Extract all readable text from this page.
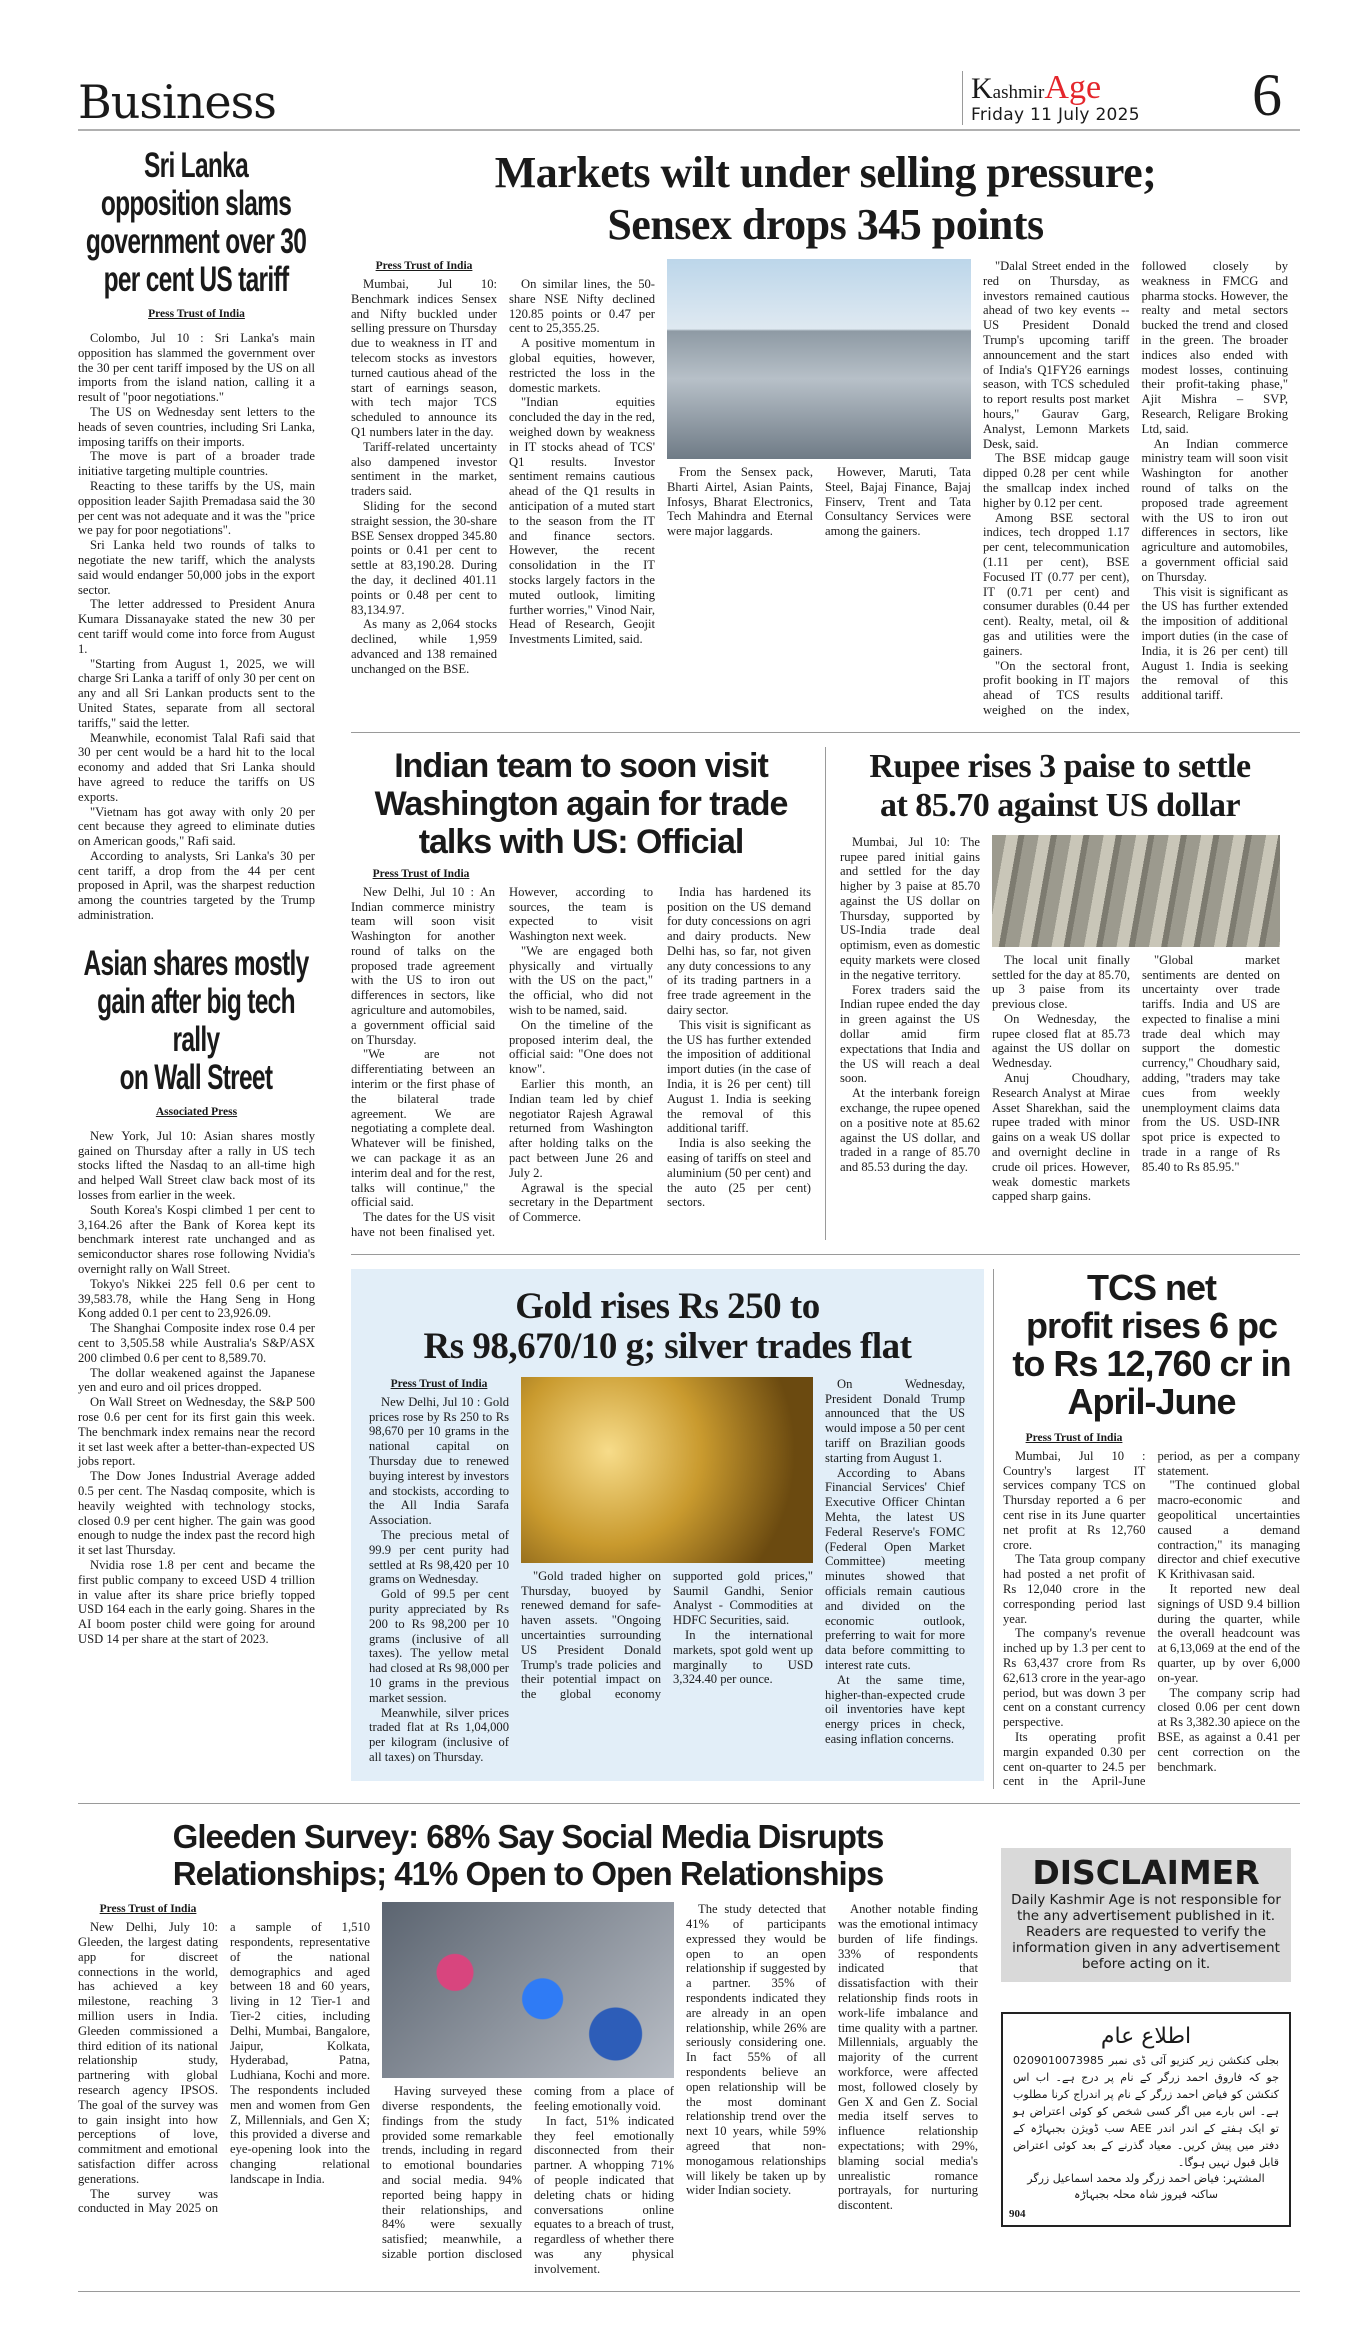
Business	KashmirAge
Friday 11 July 2025	6
Sri Lanka
opposition slams
government over 30
per cent US tariff
Press Trust of India

Colombo, Jul 10 : Sri Lanka's main opposition has slammed the government over the 30 per cent tariff imposed by the US on all imports from the island nation, calling it a result of "poor negotiations."

The US on Wednesday sent letters to the heads of seven countries, including Sri Lanka, imposing tariffs on their imports.

The move is part of a broader trade initiative targeting multiple countries.

Reacting to these tariffs by the US, main opposition leader Sajith Premadasa said the 30 per cent was not adequate and it was the "price we pay for poor negotiations".

Sri Lanka held two rounds of talks to negotiate the new tariff, which the analysts said would endanger 50,000 jobs in the export sector.

The letter addressed to President Anura Kumara Dissanayake stated the new 30 per cent tariff would come into force from August 1.

"Starting from August 1, 2025, we will charge Sri Lanka a tariff of only 30 per cent on any and all Sri Lankan products sent to the United States, separate from all sectoral tariffs," said the letter.

Meanwhile, economist Talal Rafi said that 30 per cent would be a hard hit to the local economy and added that Sri Lanka should have agreed to reduce the tariffs on US exports.

"Vietnam has got away with only 20 per cent because they agreed to eliminate duties on American goods," Rafi said.

According to analysts, Sri Lanka's 30 per cent tariff, a drop from the 44 per cent proposed in April, was the sharpest reduction among the countries targeted by the Trump administration.

Asian shares mostly
gain after big tech rally
on Wall Street
Associated Press

New York, Jul 10: Asian shares mostly gained on Thursday after a rally in US tech stocks lifted the Nasdaq to an all-time high and helped Wall Street claw back most of its losses from earlier in the week.

South Korea's Kospi climbed 1 per cent to 3,164.26 after the Bank of Korea kept its benchmark interest rate unchanged and as semiconductor shares rose following Nvidia's overnight rally on Wall Street.

Tokyo's Nikkei 225 fell 0.6 per cent to 39,583.78, while the Hang Seng in Hong Kong added 0.1 per cent to 23,926.09.

The Shanghai Composite index rose 0.4 per cent to 3,505.58 while Australia's S&P/ASX 200 climbed 0.6 per cent to 8,589.70.

The dollar weakened against the Japanese yen and euro and oil prices dropped.

On Wall Street on Wednesday, the S&P 500 rose 0.6 per cent for its first gain this week. The benchmark index remains near the record it set last week after a better-than-expected US jobs report.

The Dow Jones Industrial Average added 0.5 per cent. The Nasdaq composite, which is heavily weighted with technology stocks, closed 0.9 per cent higher. The gain was good enough to nudge the index past the record high it set last Thursday.

Nvidia rose 1.8 per cent and became the first public company to exceed USD 4 trillion in value after its share price briefly topped USD 164 each in the early going. Shares in the AI boom poster child were going for around USD 14 per share at the start of 2023.

Markets wilt under selling pressure;
Sensex drops 345 points
Press Trust of India

Mumbai, Jul 10: Benchmark indices Sensex and Nifty buckled under selling pressure on Thursday due to weakness in IT and telecom stocks as investors turned cautious ahead of the start of earnings season, with tech major TCS scheduled to announce its Q1 numbers later in the day.

Tariff-related uncertainty also dampened investor sentiment in the market, traders said.

Sliding for the second straight session, the 30-share BSE Sensex dropped 345.80 points or 0.41 per cent to settle at 83,190.28. During the day, it declined 401.11 points or 0.48 per cent to 83,134.97.

As many as 2,064 stocks declined, while 1,959 advanced and 138 remained unchanged on the BSE.

On similar lines, the 50-share NSE Nifty declined 120.85 points or 0.47 per cent to 25,355.25.

A positive momentum in global equities, however, restricted the loss in the domestic markets.

"Indian equities concluded the day in the red, weighed down by weakness in IT stocks ahead of TCS' Q1 results. Investor sentiment remains cautious ahead of the Q1 results in anticipation of a muted start to the season from the IT and finance sectors. However, the recent consolidation in the IT stocks largely factors in the muted outlook, limiting further worries," Vinod Nair, Head of Research, Geojit Investments Limited, said.

From the Sensex pack, Bharti Airtel, Asian Paints, Infosys, Bharat Electronics, Tech Mahindra and Eternal were major laggards.

However, Maruti, Tata Steel, Bajaj Finance, Bajaj Finserv, Trent and Tata Consultancy Services were among the gainers.

"Dalal Street ended in the red on Thursday, as investors remained cautious ahead of two key events -- US President Donald Trump's upcoming tariff announcement and the start of India's Q1FY26 earnings season, with TCS scheduled to report results post market hours," Gaurav Garg, Analyst, Lemonn Markets Desk, said.

The BSE midcap gauge dipped 0.28 per cent while the smallcap index inched higher by 0.12 per cent.

Among BSE sectoral indices, tech dropped 1.17 per cent, telecommunication (1.11 per cent), BSE Focused IT (0.77 per cent), IT (0.71 per cent) and consumer durables (0.44 per cent). Realty, metal, oil & gas and utilities were the gainers.

"On the sectoral front, profit booking in IT majors ahead of TCS results weighed on the index, followed closely by weakness in FMCG and pharma stocks. However, the realty and metal sectors bucked the trend and closed in the green. The broader indices also ended with modest losses, continuing their profit-taking phase," Ajit Mishra – SVP, Research, Religare Broking Ltd, said.

An Indian commerce ministry team will soon visit Washington for another round of talks on the proposed trade agreement with the US to iron out differences in sectors, like agriculture and automobiles, a government official said on Thursday.

This visit is significant as the US has further extended the imposition of additional import duties (in the case of India, it is 26 per cent) till August 1. India is seeking the removal of this additional tariff.

Indian team to soon visit
Washington again for trade
talks with US: Official
Press Trust of India

New Delhi, Jul 10 : An Indian commerce ministry team will soon visit Washington for another round of talks on the proposed trade agreement with the US to iron out differences in sectors, like agriculture and automobiles, a government official said on Thursday.

"We are not differentiating between an interim or the first phase of the bilateral trade agreement. We are negotiating a complete deal. Whatever will be finished, we can package it as an interim deal and for the rest, talks will continue," the official said.

The dates for the US visit have not been finalised yet. However, according to sources, the team is expected to visit Washington next week.

"We are engaged both physically and virtually with the US on the pact," the official, who did not wish to be named, said.

On the timeline of the proposed interim deal, the official said: "One does not know".

Earlier this month, an Indian team led by chief negotiator Rajesh Agrawal returned from Washington after holding talks on the pact between June 26 and July 2.

Agrawal is the special secretary in the Department of Commerce.

India has hardened its position on the US demand for duty concessions on agri and dairy products. New Delhi has, so far, not given any duty concessions to any of its trading partners in a free trade agreement in the dairy sector.

This visit is significant as the US has further extended the imposition of additional import duties (in the case of India, it is 26 per cent) till August 1. India is seeking the removal of this additional tariff.

India is also seeking the easing of tariffs on steel and aluminium (50 per cent) and the auto (25 per cent) sectors.

Rupee rises 3 paise to settle
at 85.70 against US dollar

Mumbai, Jul 10: The rupee pared initial gains and settled for the day higher by 3 paise at 85.70 against the US dollar on Thursday, supported by US-India trade deal optimism, even as domestic equity markets were closed in the negative territory.

Forex traders said the Indian rupee ended the day in green against the US dollar amid firm expectations that India and the US will reach a deal soon.

At the interbank foreign exchange, the rupee opened on a positive note at 85.62 against the US dollar, and traded in a range of 85.70 and 85.53 during the day.

The local unit finally settled for the day at 85.70, up 3 paise from its previous close.

On Wednesday, the rupee closed flat at 85.73 against the US dollar on Wednesday.

Anuj Choudhary, Research Analyst at Mirae Asset Sharekhan, said the rupee traded with minor gains on a weak US dollar and overnight decline in crude oil prices. However, weak domestic markets capped sharp gains.

"Global market sentiments are dented on uncertainty over trade tariffs. India and US are expected to finalise a mini trade deal which may support the domestic currency," Choudhary said, adding, "traders may take cues from weekly unemployment claims data from the US. USD-INR spot price is expected to trade in a range of Rs 85.40 to Rs 85.95."

Gold rises Rs 250 to
Rs 98,670/10 g; silver trades flat
Press Trust of India

New Delhi, Jul 10 : Gold prices rose by Rs 250 to Rs 98,670 per 10 grams in the national capital on Thursday due to renewed buying interest by investors and stockists, according to the All India Sarafa Association.

The precious metal of 99.9 per cent purity had settled at Rs 98,420 per 10 grams on Wednesday.

Gold of 99.5 per cent purity appreciated by Rs 200 to Rs 98,200 per 10 grams (inclusive of all taxes). The yellow metal had closed at Rs 98,000 per 10 grams in the previous market session.

Meanwhile, silver prices traded flat at Rs 1,04,000 per kilogram (inclusive of all taxes) on Thursday.

"Gold traded higher on Thursday, buoyed by renewed demand for safe-haven assets. "Ongoing uncertainties surrounding US President Donald Trump's trade policies and their potential impact on the global economy supported gold prices," Saumil Gandhi, Senior Analyst - Commodities at HDFC Securities, said.

In the international markets, spot gold went up marginally to USD 3,324.40 per ounce.

On Wednesday, President Donald Trump announced that the US would impose a 50 per cent tariff on Brazilian goods starting from August 1.

According to Abans Financial Services' Chief Executive Officer Chintan Mehta, the latest US Federal Reserve's FOMC (Federal Open Market Committee) meeting minutes showed that officials remain cautious and divided on the economic outlook, preferring to wait for more data before committing to interest rate cuts.

At the same time, higher-than-expected crude oil inventories have kept energy prices in check, easing inflation concerns.

TCS net
profit rises 6 pc
to Rs 12,760 cr in
April-June
Press Trust of India

Mumbai, Jul 10 : Country's largest IT services company TCS on Thursday reported a 6 per cent rise in its June quarter net profit at Rs 12,760 crore.

The Tata group company had posted a net profit of Rs 12,040 crore in the corresponding period last year.

The company's revenue inched up by 1.3 per cent to Rs 63,437 crore from Rs 62,613 crore in the year-ago period, but was down 3 per cent on a constant currency perspective.

Its operating profit margin expanded 0.30 per cent on-quarter to 24.5 per cent in the April-June period, as per a company statement.

"The continued global macro-economic and geopolitical uncertainties caused a demand contraction," its managing director and chief executive K Krithivasan said.

It reported new deal signings of USD 9.4 billion during the quarter, while the overall headcount was at 6,13,069 at the end of the quarter, up by over 6,000 on-year.

The company scrip had closed 0.06 per cent down at Rs 3,382.30 apiece on the BSE, as against a 0.41 per cent correction on the benchmark.

Gleeden Survey: 68% Say Social Media Disrupts
Relationships; 41% Open to Open Relationships
Press Trust of India

New Delhi, July 10: Gleeden, the largest dating app for discreet connections in the world, has achieved a key milestone, reaching 3 million users in India. Gleeden commissioned a third edition of its national relationship study, partnering with global research agency IPSOS. The goal of the survey was to gain insight into how perceptions of love, commitment and emotional satisfaction differ across generations.

The survey was conducted in May 2025 on a sample of 1,510 respondents, representative of the national demographics and aged between 18 and 60 years, living in 12 Tier-1 and Tier-2 cities, including Delhi, Mumbai, Bangalore, Jaipur, Kolkata, Hyderabad, Patna, Ludhiana, Kochi and more. The respondents included men and women from Gen Z, Millennials, and Gen X; this provided a diverse and eye-opening look into the changing relational landscape in India.

Having surveyed these diverse respondents, the findings from the study provided some remarkable trends, including in regard to emotional boundaries and social media. 94% reported being happy in their relationships, and 84% were sexually satisfied; meanwhile, a sizable portion disclosed coming from a place of feeling emotionally void.

In fact, 51% indicated they feel emotionally disconnected from their partner. A whopping 71% of people indicated that deleting chats or hiding conversations online equates to a breach of trust, regardless of whether there was any physical involvement.

The study detected that 41% of participants expressed they would be open to an open relationship if suggested by a partner. 35% of respondents indicated they are already in an open relationship, while 26% are seriously considering one. In fact 55% of all respondents believe an open relationship will be the most dominant relationship trend over the next 10 years, while 59% agreed that non-monogamous relationships will likely be taken up by wider Indian society.

Another notable finding was the emotional intimacy burden of life findings. 33% of respondents indicated that dissatisfaction with their relationship finds roots in work-life imbalance and time quality with a partner. Millennials, arguably the majority of the current workforce, were affected most, followed closely by Gen X and Gen Z. Social media itself serves to influence relationship expectations; with 29%, blaming social media's unrealistic romance portrayals, for nurturing discontent.

DISCLAIMER
Daily Kashmir Age is not responsible for the any advertisement published in it. Readers are requested to verify the information given in any advertisement before acting on it.
اطلاع عام
بجلی کنکشن زیر کنزیو آئی ڈی نمبر 0209010073985 جو کہ فاروق احمد زرگر کے نام پر درج ہے۔ اب اس کنکشن کو فیاض احمد زرگر کے نام پر اندراج کرنا مطلوب ہے۔ اس بارے میں اگر کسی شخص کو کوئی اعتراض ہو تو ایک ہفتے کے اندر اندر AEE سب ڈویژن بجبہاڑہ کے دفتر میں پیش کریں۔ معیاد گذرنے کے بعد کوئی اعتراض قابل قبول نہیں ہوگا۔
المشتہر: فیاض احمد زرگر ولد محمد اسماعیل زرگر
ساکنہ فیروز شاہ محلہ بجبہاڑہ
904
